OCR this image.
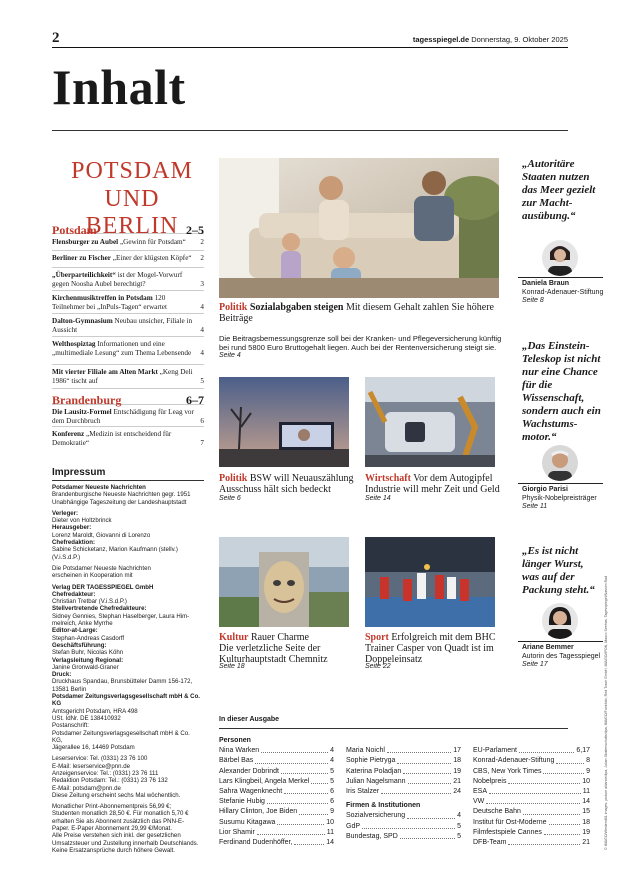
2	tagesspiegel.de Donnerstag, 9. Oktober 2025
Inhalt
POTSDAM
UND BERLIN
Potsdam	2–5
Flensburger zu Aubel „Gewinn für Potsdam“ 2
Berliner zu Fischer „Einer der klügsten Köpfe“ 2
„Überparteilichkeit“ ist der Mogel-Vorwurf gegen Noosha Aubel berechtigt?	3
Kirchenmusiktreffen in Potsdam 120 Teilnehmer bei „InPuls-Tagen“ erwartet	4
Dalton-Gymnasium Neubau unsicher, Filiale in Aussicht	4
Welthospiztag Informationen und eine „multimediale Lesung“ zum Thema Lebensende 4
Mit vierter Filiale am Alten Markt „Keng Deli 1986“ tischt auf	5
Brandenburg	6–7
Die Lausitz-Formel Entschädigung für Leag vor dem Durchbruch	6
Konferenz „Medizin ist entscheidend für Demokratie“	7
Impressum
Potsdamer Neueste Nachrichten
Brandenburgische Neueste Nachrichten gegr. 1951
Unabhängige Tageszeitung der Landeshauptstadt
Verleger:
Dieter von Holtzbrinck
Herausgeber:
Lorenz Maroldt, Giovanni di Lorenzo
Chefredaktion:
Sabine Schicketanz, Marion Kaufmann (stellv.)
(V.i.S.d.P.)
Die Potsdamer Neueste Nachrichten
erscheinen in Kooperation mit
Verlag DER TAGESSPIEGEL GmbH
Chefredakteur:
Christian Tretbar (V.i.S.d.P.)
Stellvertretende Chefredakteure:
Sidney Gennies, Stephan Haselberger, Laura Him-
melreich, Anke Myrrhe
Editor-at-Large:
Stephan-Andreas Casdorff
Geschäftsführung:
Stefan Buhr, Nicolas Köhn
Verlagsleitung Regional:
Janine Gronwald-Graner
Druck:
Druckhaus Spandau, Brunsbütteler Damm 156-172,
13581 Berlin
Potsdamer Zeitungsverlagsgesellschaft mbH & Co. KG
Amtsgericht Potsdam, HRA 498
USt. IdNr. DE 138410932
Postanschrift:
Potsdamer Zeitungsverlagsgesellschaft mbH & Co.
KG,
Jägerallee 16, 14469 Potsdam
Leserservice: Tel. (0331) 23 76 100
E-Mail: leserservice@pnn.de
Anzeigenservice: Tel.: (0331) 23 76 111
Redaktion Potsdam: Tel.: (0331) 23 76 132
E-Mail: potsdam@pnn.de
Diese Zeitung erscheint sechs Mal wöchentlich.
Monatlicher Print-Abonnementpreis 56,99 €;
Studenten monatlich 28,50 €. Für monatlich 5,70 €
erhalten Sie als Abonnent zusätzlich das PNN-E-
Paper. E-Paper Abonnement 29,99 €/Monat.
Alle Preise verstehen sich inkl. der gesetzlichen
Umsatzsteuer und Zustellung innerhalb Deutschlands.
Keine Ersatzansprüche durch höhere Gewalt.
Politik Sozialabgaben steigen Mit diesem Gehalt zahlen Sie höhere Beiträge
Die Beitragsbemessungsgrenze soll bei der Kranken- und Pflegeversicherung künftig bei rund 5800 Euro Bruttogehalt liegen. Auch bei der Rentenversicherung steigt sie.
Seite 4
Politik BSW will Neuauszählung
Ausschuss hält sich bedeckt
Seite 6
Wirtschaft Vor dem Autogipfel
Industrie will mehr Zeit und Geld
Seite 14
Kultur Rauer Charme
Die verletzliche Seite der Kulturhauptstadt Chemnitz
Seite 18
Sport Erfolgreich mit dem BHC
Trainer Casper von Quadt ist im Doppeleinsatz
Seite 22
„Autoritäre Staaten nutzen das Meer gezielt zur Machtausübung.“
Daniela Braun
Konrad-Adenauer-Stiftung
Seite 8
„Das Einstein-Teleskop ist nicht nur eine Chance für die Wissenschaft, sondern auch ein Wachstumsmotor.“
Giorgio Parisi
Physik-Nobelpreisträger
Seite 11
„Es ist nicht länger Wurst, was auf der Packung steht.“
Ariane Bemmer
Autorin des Tagesspiegel
Seite 17
In dieser Ausgabe
Personen
Nina Warken	4
Bärbel Bas	4
Alexander Dobrindt	5
Lars Klingbeil, Angela Merkel	5
Sahra Wagenknecht	6
Stefanie Hubig	6
Hillary Clinton, Joe Biden	9
Susumu Kitagawa	10
Lior Shamir	11
Ferdinand Dudenhöffer,	14
Maria Noichl	17
Sophie Pietryga	18
Katerina Poladjan	19
Julian Nagelsmann	21
Iris Stalzer	24
Firmen & Institutionen
Sozialversicherung	4
GdP	5
Bundestag, SPD	5
EU-Parlament	6,17
Konrad-Adenauer-Stiftung	8
CBS, New York Times	9
Nobelpreis	10
ESA	11
VW	14
Deutsche Bahn	15
Institut für Ost-Moderne	18
Filmfestspiele Cannes	19
DFB-Team	21	© IMAGO/Westend61 images, picture alliance/dpa, Julian Stratenschulte/dpa, IMAGO/Funkfoto, Red Trash GmbH, IMAGO/IPON, Mauro Seehas, Tagesspiegel/Nassim Rad
